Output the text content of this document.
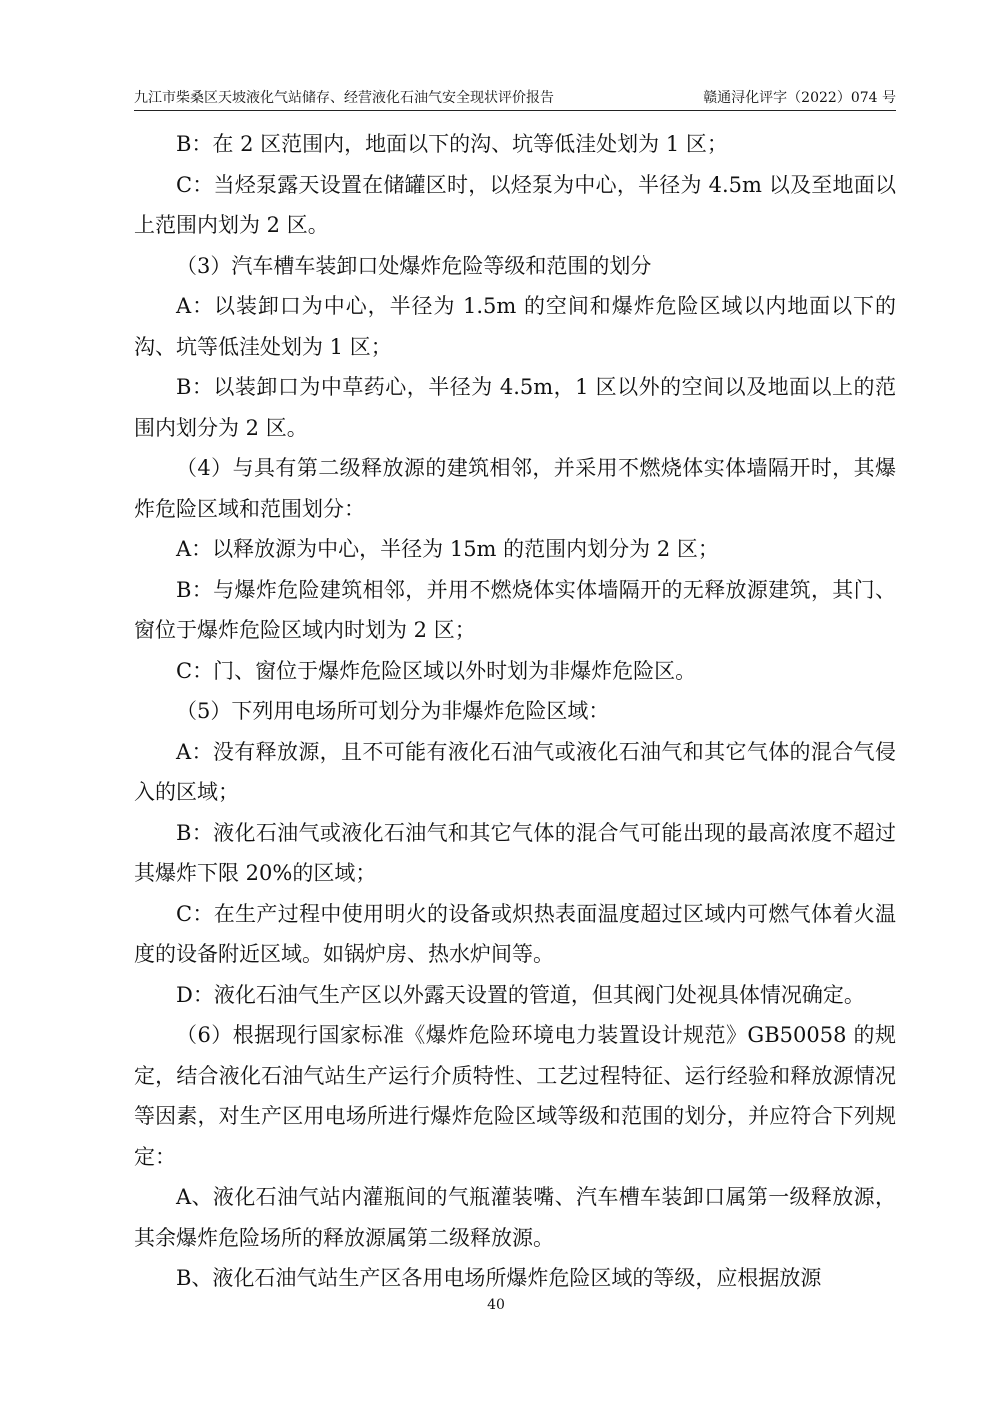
九江市柴桑区天坡液化气站储存、经营液化石油气安全现状评价报告	赣通浔化评字（2022）074 号

B：在 2 区范围内，地面以下的沟、坑等低洼处划为 1 区；

C：当烃泵露天设置在储罐区时，以烃泵为中心，半径为 4.5m 以及至地面以上范围内划为 2 区。

（3）汽车槽车装卸口处爆炸危险等级和范围的划分

A：以装卸口为中心，半径为 1.5m 的空间和爆炸危险区域以内地面以下的沟、坑等低洼处划为 1 区；

B：以装卸口为中草药心，半径为 4.5m，1 区以外的空间以及地面以上的范围内划分为 2 区。

（4）与具有第二级释放源的建筑相邻，并采用不燃烧体实体墙隔开时，其爆炸危险区域和范围划分：

A：以释放源为中心，半径为 15m 的范围内划分为 2 区；

B：与爆炸危险建筑相邻，并用不燃烧体实体墙隔开的无释放源建筑，其门、窗位于爆炸危险区域内时划为 2 区；

C：门、窗位于爆炸危险区域以外时划为非爆炸危险区。

（5）下列用电场所可划分为非爆炸危险区域：

A：没有释放源，且不可能有液化石油气或液化石油气和其它气体的混合气侵入的区域；

B：液化石油气或液化石油气和其它气体的混合气可能出现的最高浓度不超过其爆炸下限 20%的区域；

C：在生产过程中使用明火的设备或炽热表面温度超过区域内可燃气体着火温度的设备附近区域。如锅炉房、热水炉间等。

D：液化石油气生产区以外露天设置的管道，但其阀门处视具体情况确定。

（6）根据现行国家标准《爆炸危险环境电力装置设计规范》GB50058 的规定，结合液化石油气站生产运行介质特性、工艺过程特征、运行经验和释放源情况等因素，对生产区用电场所进行爆炸危险区域等级和范围的划分，并应符合下列规定：

A、液化石油气站内灌瓶间的气瓶灌装嘴、汽车槽车装卸口属第一级释放源，其余爆炸危险场所的释放源属第二级释放源。

B、液化石油气站生产区各用电场所爆炸危险区域的等级，应根据放源

40
